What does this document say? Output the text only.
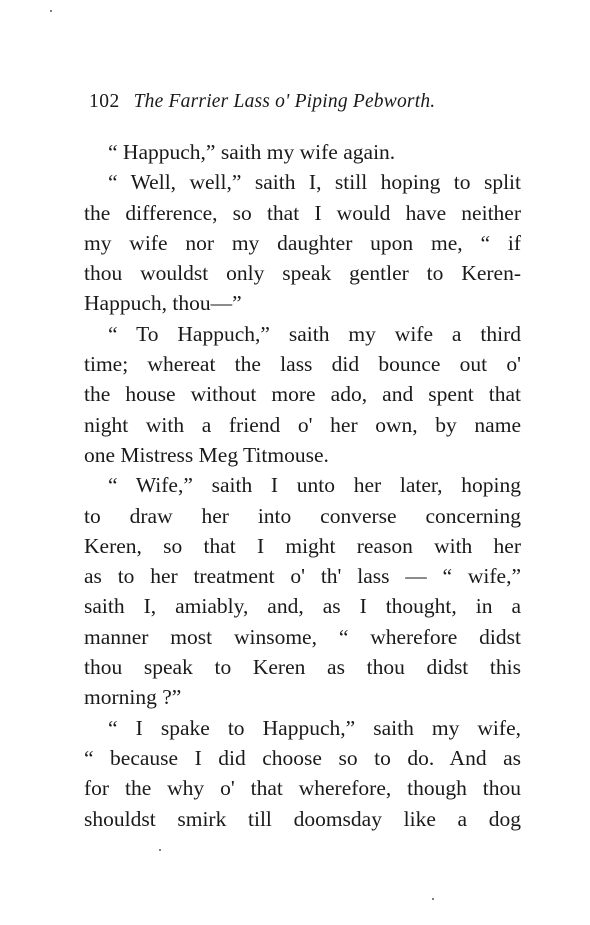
102 The Farrier Lass o' Piping Pebworth.
“ Happuch,” saith my wife again.
“ Well, well,” saith I, still hoping to split
the difference, so that I would have neither
my wife nor my daughter upon me, “ if
thou wouldst only speak gentler to Keren-
Happuch, thou—”
“ To Happuch,” saith my wife a third
time; whereat the lass did bounce out o'
the house without more ado, and spent that
night with a friend o' her own, by name
one Mistress Meg Titmouse.
“ Wife,” saith I unto her later, hoping
to draw her into converse concerning
Keren, so that I might reason with her
as to her treatment o' th' lass — “ wife,”
saith I, amiably, and, as I thought, in a
manner most winsome, “ wherefore didst
thou speak to Keren as thou didst this
morning ?”
“ I spake to Happuch,” saith my wife,
“ because I did choose so to do. And as
for the why o' that wherefore, though thou
shouldst smirk till doomsday like a dog
